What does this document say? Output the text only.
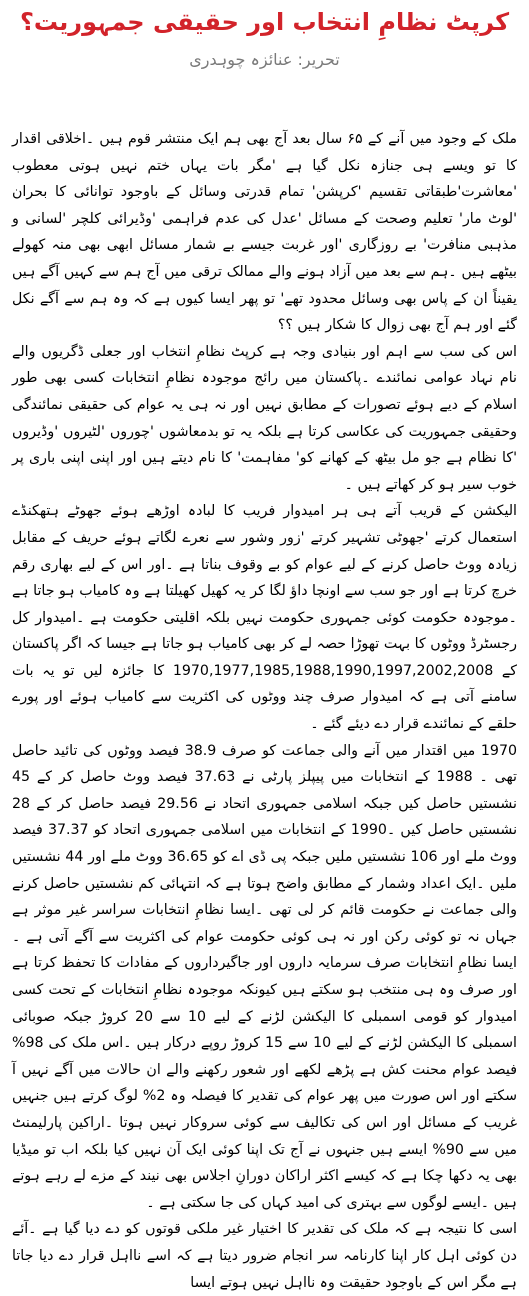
کرپٹ نظامِ انتخاب اور حقیقی جمہوریت؟
تحریر: عنائزہ چوہدری

ملک کے وجود میں آنے کے ۶۵ سال بعد آج بھی ہم ایک منتشر قوم ہیں ۔اخلاقی اقدار کا تو ویسے ہی جنازہ نکل گیا ہے 'مگر بات یہاں ختم نہیں ہوتی معطوب 'معاشرت'طبقاتی تقسیم 'کرپشن' تمام قدرتی وسائل کے باوجود توانائی کا بحران 'لوٹ مار' تعلیم وصحت کے مسائل 'عدل کی عدم فراہمی 'وڈیرائی کلچر 'لسانی و مذہبی منافرت' بے روزگاری 'اور غربت جیسے بے شمار مسائل ابھی بھی منہ کھولے بیٹھے ہیں ۔ہم سے بعد میں آزاد ہونے والے ممالک ترقی میں آج ہم سے کہیں آگے ہیں یقیناً ان کے پاس بھی وسائل محدود تھے' تو پھر ایسا کیوں ہے کہ وہ ہم سے آگے نکل گئے اور ہم آج بھی زوال کا شکار ہیں ؟؟

اس کی سب سے اہم اور بنیادی وجہ ہے کرپٹ نظامِ انتخاب اور جعلی ڈگریوں والے نام نہاد عوامی نمائندے ۔پاکستان میں رائج موجودہ نظامِ انتخابات کسی بھی طور اسلام کے دیے ہوئے تصورات کے مطابق نہیں اور نہ ہی یہ عوام کی حقیقی نمائندگی وحقیقی جمہوریت کی عکاسی کرتا ہے بلکہ یہ تو بدمعاشوں 'چوروں 'لٹیروں 'وڈیروں 'کا نظام ہے جو مل بیٹھ کے کھانے کو' مفاہمت' کا نام دیتے ہیں اور اپنی اپنی باری پر خوب سیر ہو کر کھاتے ہیں ۔

الیکشن کے قریب آتے ہی ہر امیدوار فریب کا لبادہ اوڑھے ہوئے جھوٹے ہتھکنڈے استعمال کرتے 'جھوٹی تشہیر کرتے 'زور وشور سے نعرے لگاتے ہوئے حریف کے مقابل زیادہ ووٹ حاصل کرنے کے لیے عوام کو بے وقوف بناتا ہے ۔اور اس کے لیے بھاری رقم خرچ کرتا ہے اور جو سب سے اونچا داؤ لگا کر یہ کھیل کھیلتا ہے وہ کامیاب ہو جاتا ہے ۔موجودہ حکومت کوئی جمہوری حکومت نہیں بلکہ اقلیتی حکومت ہے ۔امیدوار کل رجسٹرڈ ووٹوں کا بہت تھوڑا حصہ لے کر بھی کامیاب ہو جاتا ہے جیسا کہ اگر پاکستان کے 1970,1977,1985,1988,1990,1997,2002,2008 کا جائزہ لیں تو یہ بات سامنے آتی ہے کہ امیدوار صرف چند ووٹوں کی اکثریت سے کامیاب ہوئے اور پورے حلقے کے نمائندے قرار دے دیئے گئے ۔

1970 میں اقتدار میں آنے والی جماعت کو صرف 38.9 فیصد ووٹوں کی تائید حاصل تھی ۔ 1988 کے انتخابات میں پیپلز پارٹی نے 37.63 فیصد ووٹ حاصل کر کے 45 نشستیں حاصل کیں جبکہ اسلامی جمہوری اتحاد نے 29.56 فیصد حاصل کر کے 28 نشستیں حاصل کیں ۔1990 کے انتخابات میں اسلامی جمہوری اتحاد کو 37.37 فیصد ووٹ ملے اور 106 نشستیں ملیں جبکہ پی ڈی اے کو 36.65 ووٹ ملے اور 44 نشستیں ملیں ۔ایک اعداد وشمار کے مطابق واضح ہوتا ہے کہ انتہائی کم نشستیں حاصل کرنے والی جماعت نے حکومت قائم کر لی تھی ۔ایسا نظامِ انتخابات سراسر غیر موثر ہے جہاں نہ تو کوئی رکن اور نہ ہی کوئی حکومت عوام کی اکثریت سے آگے آتی ہے ۔ایسا نظامِ انتخابات صرف سرمایہ داروں اور جاگیرداروں کے مفادات کا تحفظ کرتا ہے اور صرف وہ ہی منتخب ہو سکتے ہیں کیونکہ موجودہ نظامِ انتخابات کے تحت کسی امیدوار کو قومی اسمبلی کا الیکشن لڑنے کے لیے 10 سے 20 کروڑ جبکہ صوبائی اسمبلی کا الیکشن لڑنے کے لیے 10 سے 15 کروڑ روپے درکار ہیں ۔اس ملک کی 98% فیصد عوام محنت کش ہے پڑھے لکھے اور شعور رکھنے والے ان حالات میں آگے نہیں آ سکتے اور اس صورت میں پھر عوام کی تقدیر کا فیصلہ وہ 2% لوگ کرتے ہیں جنہیں غریب کے مسائل اور اس کی تکالیف سے کوئی سروکار نہیں ہوتا ۔اراکین پارلیمنٹ میں سے 90% ایسے ہیں جنہوں نے آج تک اپنا کوئی ایک آن نہیں کیا بلکہ اب تو میڈیا بھی یہ دکھا چکا ہے کہ کیسے اکثر اراکان دورانِ اجلاس بھی نیند کے مزے لے رہے ہوتے ہیں ۔ایسے لوگوں سے بہتری کی امید کہاں کی جا سکتی ہے ۔

اسی کا نتیجہ ہے کہ ملک کی تقدیر کا اختیار غیر ملکی قوتوں کو دے دیا گیا ہے ۔آئے دن کوئی اہل کار اپنا کارنامہ سر انجام ضرور دیتا ہے کہ اسے نااہل قرار دے دیا جاتا ہے مگر اس کے باوجود حقیقت وہ نااہل نہیں ہوتے ایسا
